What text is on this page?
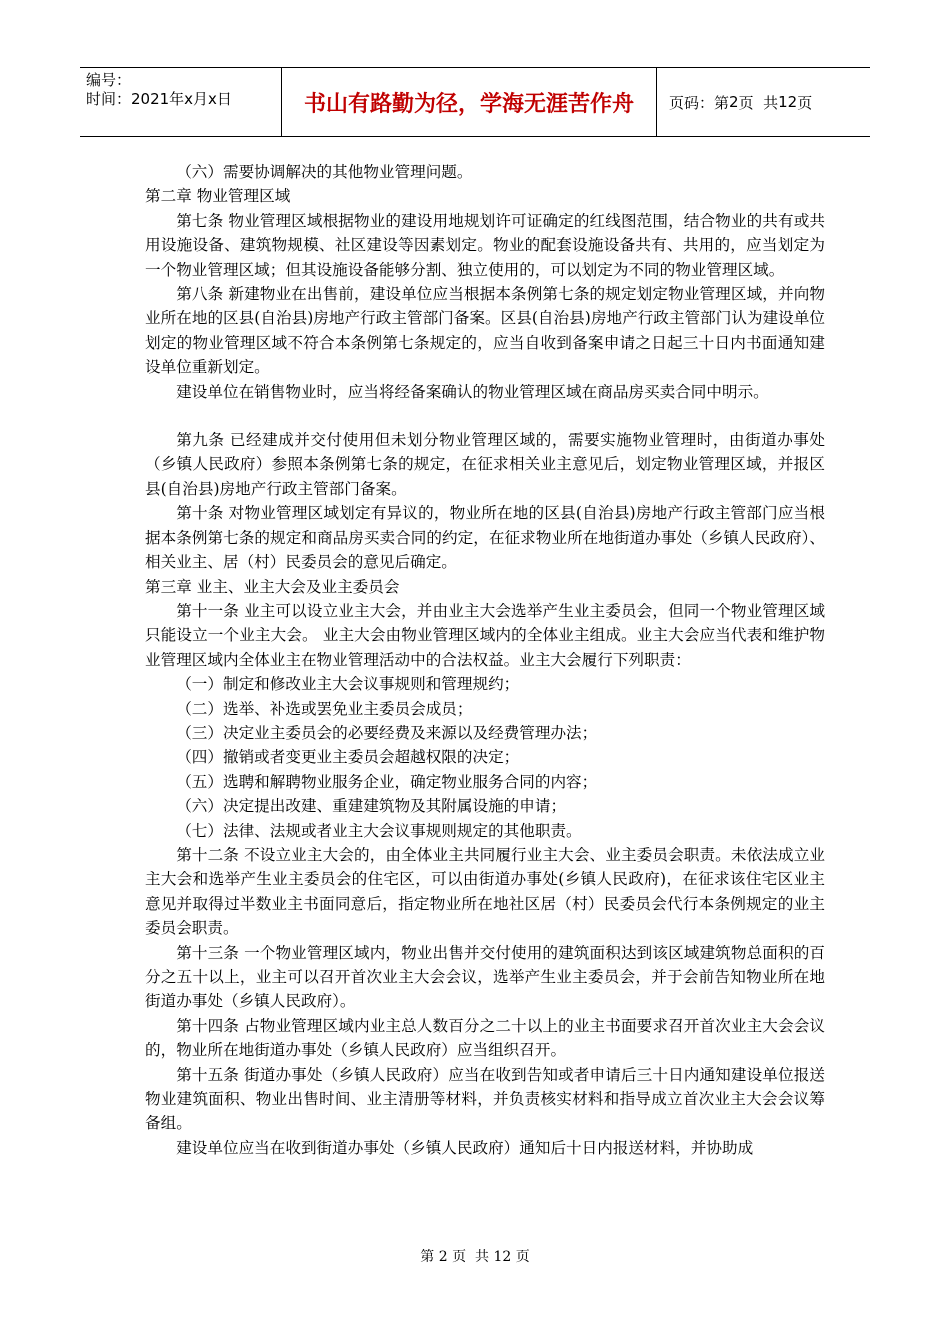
编号：
时间：2021年x月x日	书山有路勤为径，学海无涯苦作舟	页码：第 2 页  共 12 页

（六）需要协调解决的其他物业管理问题。

第二章 物业管理区域

第七条 物业管理区域根据物业的建设用地规划许可证确定的红线图范围，结合物业的共有或共用设施设备、建筑物规模、社区建设等因素划定。物业的配套设施设备共有、共用的，应当划定为一个物业管理区域；但其设施设备能够分割、独立使用的，可以划定为不同的物业管理区域。

第八条 新建物业在出售前，建设单位应当根据本条例第七条的规定划定物业管理区域，并向物业所在地的区县(自治县)房地产行政主管部门备案。区县(自治县)房地产行政主管部门认为建设单位划定的物业管理区域不符合本条例第七条规定的，应当自收到备案申请之日起三十日内书面通知建设单位重新划定。

建设单位在销售物业时，应当将经备案确认的物业管理区域在商品房买卖合同中明示。

第九条 已经建成并交付使用但未划分物业管理区域的，需要实施物业管理时，由街道办事处（乡镇人民政府）参照本条例第七条的规定，在征求相关业主意见后，划定物业管理区域，并报区县(自治县)房地产行政主管部门备案。

第十条 对物业管理区域划定有异议的，物业所在地的区县(自治县)房地产行政主管部门应当根据本条例第七条的规定和商品房买卖合同的约定，在征求物业所在地街道办事处（乡镇人民政府）、相关业主、居（村）民委员会的意见后确定。

第三章 业主、业主大会及业主委员会

第十一条 业主可以设立业主大会，并由业主大会选举产生业主委员会，但同一个物业管理区域只能设立一个业主大会。 业主大会由物业管理区域内的全体业主组成。业主大会应当代表和维护物业管理区域内全体业主在物业管理活动中的合法权益。业主大会履行下列职责：

（一）制定和修改业主大会议事规则和管理规约；

（二）选举、补选或罢免业主委员会成员；

（三）决定业主委员会的必要经费及来源以及经费管理办法；

（四）撤销或者变更业主委员会超越权限的决定；

（五）选聘和解聘物业服务企业，确定物业服务合同的内容；

（六）决定提出改建、重建建筑物及其附属设施的申请；

（七）法律、法规或者业主大会议事规则规定的其他职责。

第十二条 不设立业主大会的，由全体业主共同履行业主大会、业主委员会职责。未依法成立业主大会和选举产生业主委员会的住宅区，可以由街道办事处(乡镇人民政府)，在征求该住宅区业主意见并取得过半数业主书面同意后，指定物业所在地社区居（村）民委员会代行本条例规定的业主委员会职责。

第十三条 一个物业管理区域内，物业出售并交付使用的建筑面积达到该区域建筑物总面积的百分之五十以上，业主可以召开首次业主大会会议，选举产生业主委员会，并于会前告知物业所在地街道办事处（乡镇人民政府）。

第十四条 占物业管理区域内业主总人数百分之二十以上的业主书面要求召开首次业主大会会议的，物业所在地街道办事处（乡镇人民政府）应当组织召开。

第十五条 街道办事处（乡镇人民政府）应当在收到告知或者申请后三十日内通知建设单位报送物业建筑面积、物业出售时间、业主清册等材料，并负责核实材料和指导成立首次业主大会会议筹备组。

建设单位应当在收到街道办事处（乡镇人民政府）通知后十日内报送材料，并协助成

第 2 页  共 12 页
